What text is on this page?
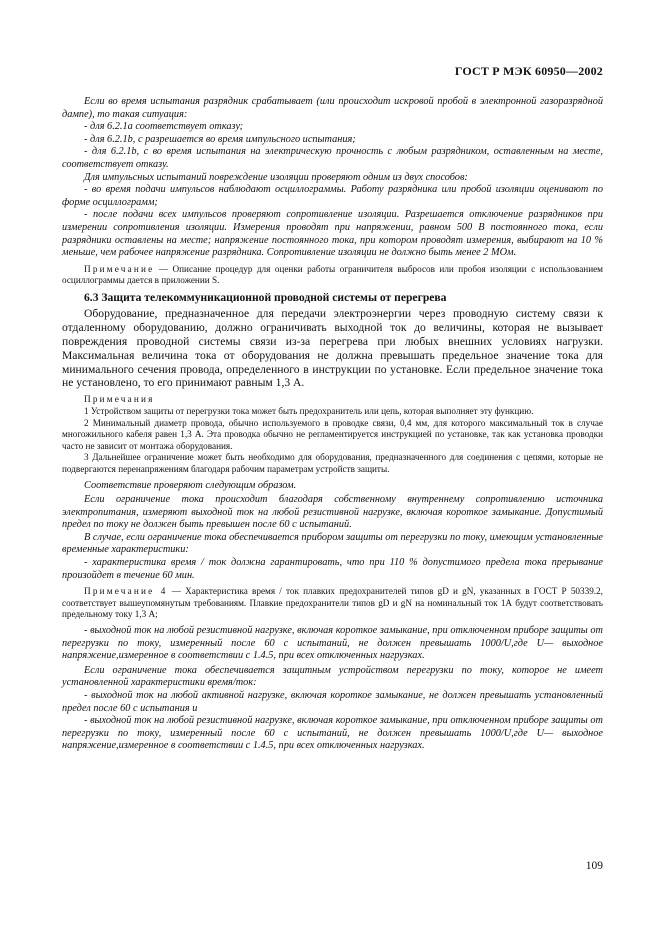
ГОСТ Р МЭК 60950—2002

Если во время испытания разрядник срабатывает (или происходит искровой пробой в электронной газоразрядной дампе), то такая ситуация:

- для 6.2.1а соответствует отказу;

- для 6.2.1b, с разрешается во время импульсного испытания;

- для 6.2.1b, с во время испытания на электрическую прочность с любым разрядником, оставленным на месте, соответствует отказу.

Для импульсных испытаний повреждение изоляции проверяют одним из двух способов:

- во время подачи импульсов наблюдают осциллограммы. Работу разрядника или пробой изоляции оценивают по форме осциллограмм;

- после подачи всех импульсов проверяют сопротивление изоляции. Разрешается отключение разрядников при измерении сопротивления изоляции. Измерения проводят при напряжении, равном 500 В постоянного тока, если разрядники оставлены на месте; напряжение постоянного тока, при котором проводят измерения, выбирают на 10 % меньше, чем рабочее напряжение разрядника. Сопротивление изоляции не должно быть менее 2 МОм.

Примечание — Описание процедур для оценки работы ограничителя выбросов или пробоя изоляции с использованием осциллограммы дается в приложении S.

6.3 Защита телекоммуникационной проводной системы от перегрева

Оборудование, предназначенное для передачи электроэнергии через проводную систему связи к отдаленному оборудованию, должно ограничивать выходной ток до величины, которая не вызывает повреждения проводной системы связи из-за перегрева при любых внешних условиях нагрузки. Максимальная величина тока от оборудования не должна превышать предельное значение тока для минимального сечения провода, определенного в инструкции по установке. Если предельное значение тока не установлено, то его принимают равным 1,3 А.

Примечания

1 Устройством защиты от перегрузки тока может быть предохранитель или цепь, которая выполняет эту функцию.

2 Минимальный диаметр провода, обычно используемого в проводке связи, 0,4 мм, для которого максимальный ток в случае многожильного кабеля равен 1,3 А. Эта проводка обычно не регламентируется инструкцией по установке, так как установка проводки часто не зависит от монтажа оборудования.

3 Дальнейшее ограничение может быть необходимо для оборудования, предназначенного для соединения с цепями, которые не подвергаются перенапряжениям благодаря рабочим параметрам устройств защиты.

Соответствие проверяют следующим образом.

Если ограничение тока происходит благодаря собственному внутреннему сопротивлению источника электропитания, измеряют выходной ток на любой резистивной нагрузке, включая короткое замыкание. Допустимый предел по току не должен быть превышен после 60 с испытаний.

В случае, если ограничение тока обеспечивается прибором защиты от перегрузки по току, имеющим установленные временные характеристики:

- характеристика время / ток должна гарантировать, что при 110 % допустимого предела тока прерывание произойдет в течение 60 мин.

Примечание 4 — Характеристика время / ток плавких предохранителей типов gD и gN, указанных в ГОСТ Р 50339.2, соответствует вышеупомянутым требованиям. Плавкие предохранители типов gD и gN на номинальный ток 1А будут соответствовать предельному току 1,3 А;

- выходной ток на любой резистивной нагрузке, включая короткое замыкание, при отключенном приборе защиты от перегрузки по току, измеренный после 60 с испытаний, не должен превышать 1000/U,где U— выходное напряжение,измеренное в соответствии с 1.4.5, при всех отключенных нагрузках.

Если ограничение тока обеспечивается защитным устройством перегрузки по току, которое не имеет установленной характеристики время/ток:

- выходной ток на любой активной нагрузке, включая короткое замыкание, не должен превышать установленный предел после 60 с испытания и

- выходной ток на любой резистивной нагрузке, включая короткое замыкание, при отключенном приборе защиты от перегрузки по току, измеренный после 60 с испытаний, не должен превышать 1000/U,где U— выходное напряжение,измеренное в соответствии с 1.4.5, при всех отключенных нагрузках.

109
